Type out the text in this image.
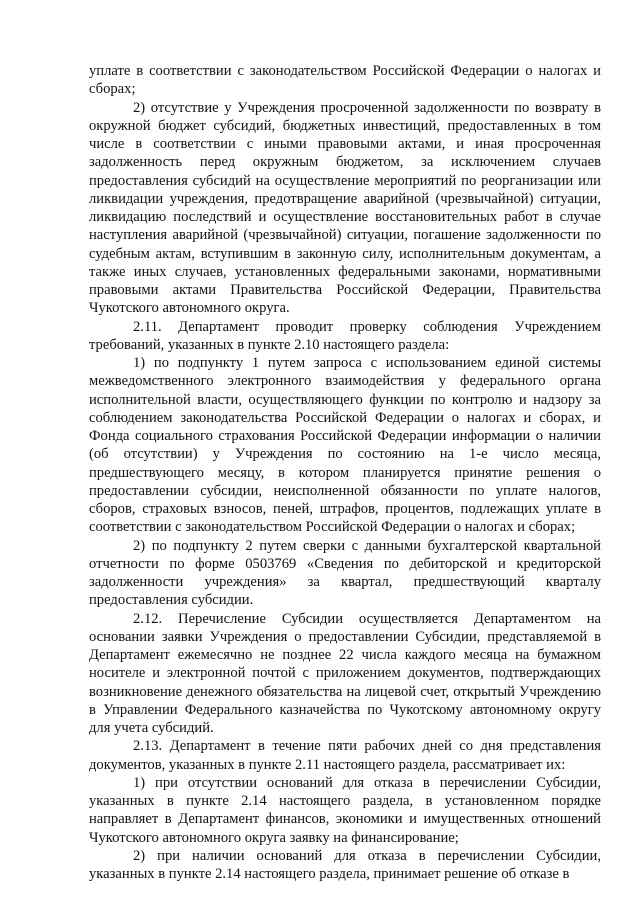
уплате в соответствии с законодательством Российской Федерации о налогах и сборах;

2) отсутствие у Учреждения просроченной задолженности по возврату в окружной бюджет субсидий, бюджетных инвестиций, предоставленных в том числе в соответствии с иными правовыми актами, и иная просроченная задолженность перед окружным бюджетом, за исключением случаев предоставления субсидий на осуществление мероприятий по реорганизации или ликвидации учреждения, предотвращение аварийной (чрезвычайной) ситуации, ликвидацию последствий и осуществление восстановительных работ в случае наступления аварийной (чрезвычайной) ситуации, погашение задолженности по судебным актам, вступившим в законную силу, исполнительным документам, а также иных случаев, установленных федеральными законами, нормативными правовыми актами Правительства Российской Федерации, Правительства Чукотского автономного округа.

2.11. Департамент проводит проверку соблюдения Учреждением требований, указанных в пункте 2.10 настоящего раздела:

1) по подпункту 1 путем запроса с использованием единой системы межведомственного электронного взаимодействия у федерального органа исполнительной власти, осуществляющего функции по контролю и надзору за соблюдением законодательства Российской Федерации о налогах и сборах, и Фонда социального страхования Российской Федерации информации о наличии (об отсутствии) у Учреждения по состоянию на 1-е число месяца, предшествующего месяцу, в котором планируется принятие решения о предоставлении субсидии, неисполненной обязанности по уплате налогов, сборов, страховых взносов, пеней, штрафов, процентов, подлежащих уплате в соответствии с законодательством Российской Федерации о налогах и сборах;

2) по подпункту 2 путем сверки с данными бухгалтерской квартальной отчетности по форме 0503769 «Сведения по дебиторской и кредиторской задолженности учреждения» за квартал, предшествующий кварталу предоставления субсидии.

2.12. Перечисление Субсидии осуществляется Департаментом на основании заявки Учреждения о предоставлении Субсидии, представляемой в Департамент ежемесячно не позднее 22 числа каждого месяца на бумажном носителе и электронной почтой с приложением документов, подтверждающих возникновение денежного обязательства на лицевой счет, открытый Учреждению в Управлении Федерального казначейства по Чукотскому автономному округу для учета субсидий.

2.13. Департамент в течение пяти рабочих дней со дня представления документов, указанных в пункте 2.11 настоящего раздела, рассматривает их:

1) при отсутствии оснований для отказа в перечислении Субсидии, указанных в пункте 2.14 настоящего раздела, в установленном порядке направляет в Департамент финансов, экономики и имущественных отношений Чукотского автономного округа заявку на финансирование;

2) при наличии оснований для отказа в перечислении Субсидии, указанных в пункте 2.14 настоящего раздела, принимает решение об отказе в
